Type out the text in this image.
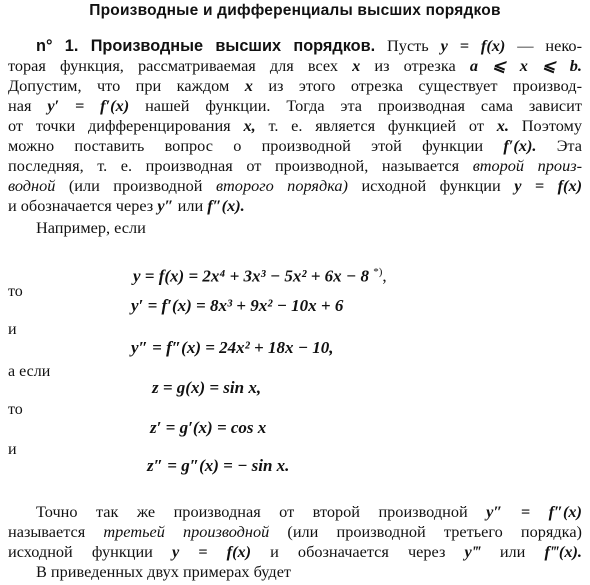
Производные и дифференциалы высших порядков
n° 1. Производные высших порядков. Пусть y = f(x) — неко-
торая функция, рассматриваемая для всех x из отрезка a ⩽ x ⩽ b.
Допустим, что при каждом x из этого отрезка существует производ-
ная y′ = f′(x) нашей функции. Тогда эта производная сама зависит
от точки дифференцирования x, т. е. является функцией от x. Поэтому
можно поставить вопрос о производной этой функции f′(x). Эта
последняя, т. е. производная от производной, называется второй произ-
водной (или производной второго порядка) исходной функции y = f(x)
и обозначается через y″ или f″(x).
Например, если
y = f(x) = 2x⁴ + 3x³ − 5x² + 6x − 8 *),
то
y′ = f′(x) = 8x³ + 9x² − 10x + 6
и
y″ = f″(x) = 24x² + 18x − 10,
а если
z = g(x) = sin x,
то
z′ = g′(x) = cos x
и
z″ = g″(x) = − sin x.
Точно так же производная от второй производной y″ = f″(x)
называется третьей производной (или производной третьего порядка)
исходной функции y = f(x) и обозначается через y‴ или f‴(x).
В приведенных двух примерах будет
